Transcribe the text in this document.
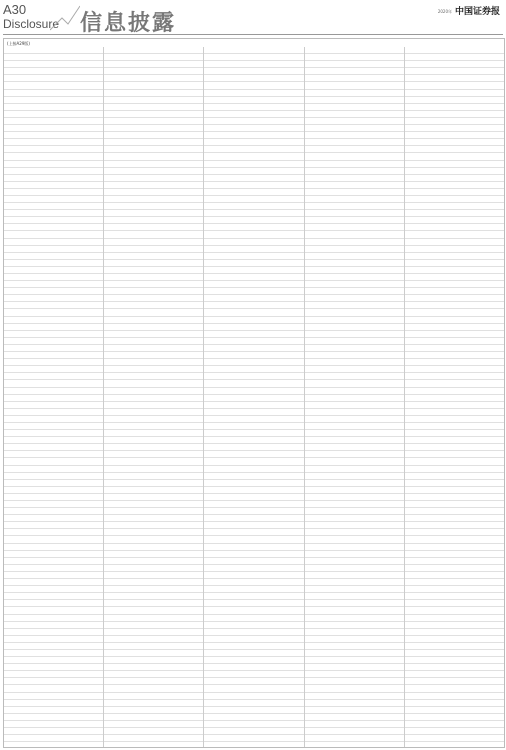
A30
Disclosure 信息披露	2020年 中国证券报
(上接A29版)
